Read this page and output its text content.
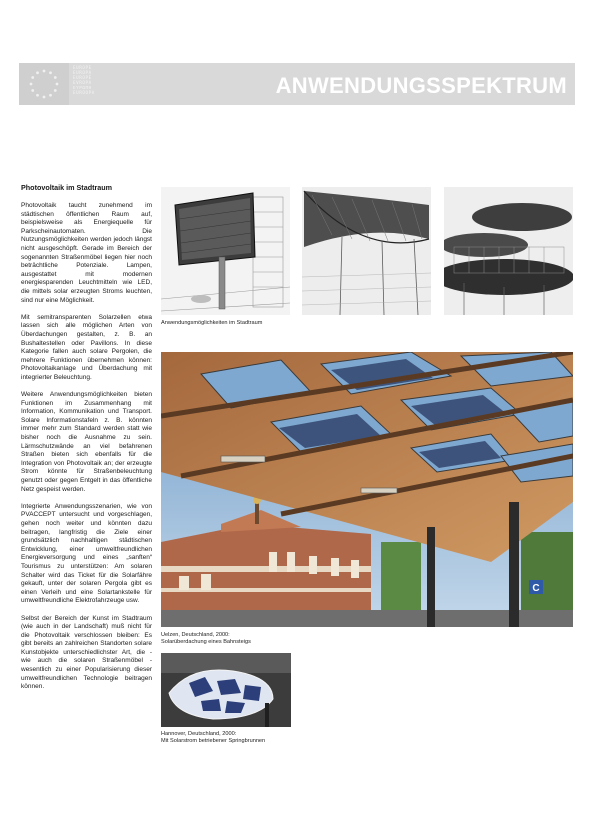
EUROPE
EUROPA
EUROPÉ
EVROPA
ΕΥΡΩΠΗ
EUROOPA	ANWENDUNGSSPEKTRUM
Photovoltaik im Stadtraum

Photovoltaik taucht zunehmend im städtischen öffentlichen Raum auf, beispielsweise als Energiequelle für Parkscheinautomaten. Die Nutzungsmöglichkeiten werden jedoch längst nicht ausgeschöpft. Gerade im Bereich der sogenannten Straßenmöbel liegen hier noch beträchtliche Potenziale. Lampen, ausgestattet mit modernen energiesparenden Leuchtmitteln wie LED, die mittels solar erzeugten Stroms leuchten, sind nur eine Möglichkeit.

Mit semitransparenten Solarzellen etwa lassen sich alle möglichen Arten von Überdachungen gestalten, z. B. an Bushaltestellen oder Pavillons. In diese Kategorie fallen auch solare Pergolen, die mehrere Funktionen übernehmen können: Photovoltaikanlage und Überdachung mit integrierter Beleuchtung.

Weitere Anwendungsmöglichkeiten bieten Funktionen im Zusammenhang mit Information, Kommunikation und Transport. Solare Informationstafeln z. B. könnten immer mehr zum Standard werden statt wie bisher noch die Ausnahme zu sein. Lärmschutzwände an viel befahrenen Straßen bieten sich ebenfalls für die Integration von Photovoltaik an; der erzeugte Strom könnte für Straßenbeleuchtung genutzt oder gegen Entgelt in das öffentliche Netz gespeist werden.

Integrierte Anwendungsszenarien, wie von PVACCEPT untersucht und vorgeschlagen, gehen noch weiter und könnten dazu beitragen, langfristig die Ziele einer grundsätzlich nachhaltigen städtischen Entwicklung, einer umweltfreundlichen Energieversorgung und eines „sanften“ Tourismus zu unterstützen: Am solaren Schalter wird das Ticket für die Solarfähre gekauft, unter der solaren Pergola gibt es einen Verleih und eine Solartankstelle für umweltfreundliche Elektrofahrzeuge usw.

Selbst der Bereich der Kunst im Stadtraum (wie auch in der Landschaft) muß nicht für die Photovoltaik verschlossen bleiben: Es gibt bereits an zahlreichen Standorten solare Kunstobjekte unterschiedlichster Art, die - wie auch die solaren Straßenmöbel - wesentlich zu einer Popularisierung dieser umweltfreundlichen Technologie beitragen können.

Anwendungsmöglichkeiten im Stadtraum
C
Uelzen, Deutschland, 2000:
Solarüberdachung eines Bahnsteigs
Hannover, Deutschland, 2000:
Mit Solarstrom betriebener Springbrunnen
